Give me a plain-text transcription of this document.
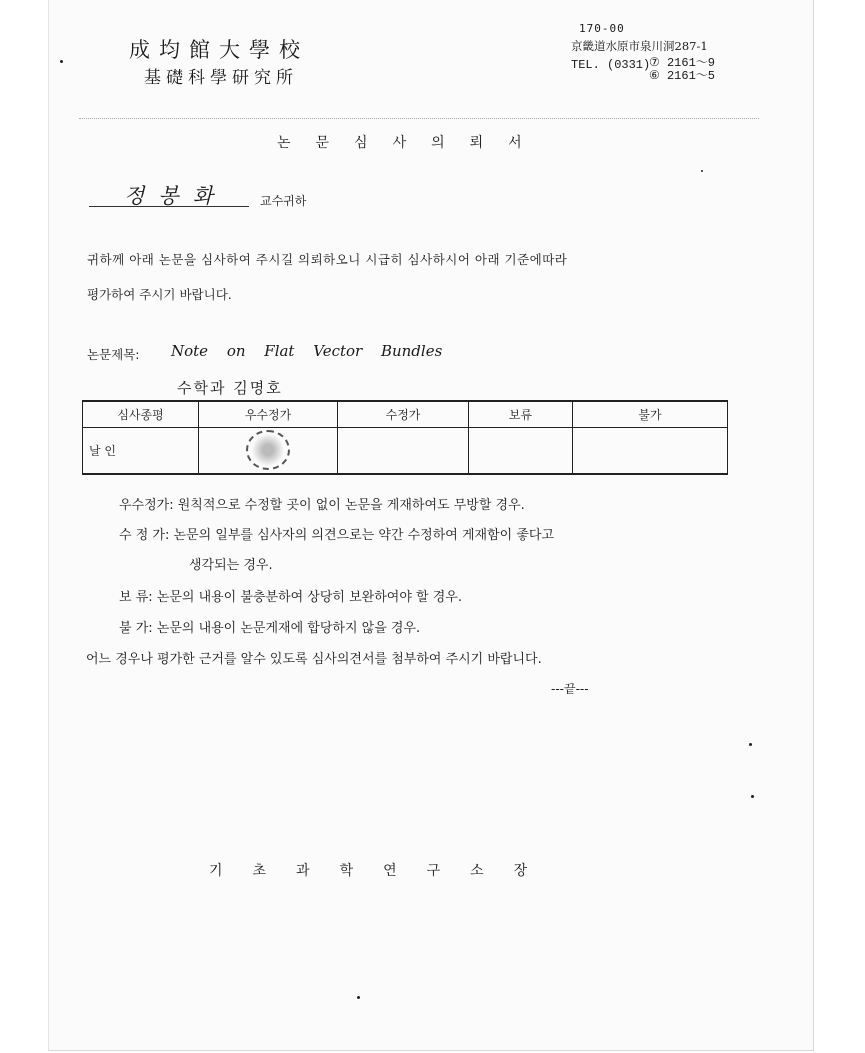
成均館大學校
基礎科學研究所
170-00
京畿道水原市泉川洞287-1
TEL. (0331)
⑦ 2161～9
⑥ 2161～5
논문심사의뢰서
정봉화	교수귀하
귀하께 아래 논문을 심사하여 주시길 의뢰하오니 시급히 심사하시어 아래 기준에따라
평가하여 주시기 바랍니다.
논문제목: Note on Flat Vector Bundles
수학과 김명호
심사종평	우수정가	수정가	보류	불가
날 인				
우수정가: 원칙적으로 수정할 곳이 없이 논문을 게재하여도 무방할 경우.
수 정 가: 논문의 일부를 심사자의 의견으로는 약간 수정하여 게재함이 좋다고
생각되는 경우.
보 류: 논문의 내용이 불충분하여 상당히 보완하여야 할 경우.
불 가: 논문의 내용이 논문게재에 합당하지 않을 경우.
어느 경우나 평가한 근거를 알수 있도록 심사의견서를 첨부하여 주시기 바랍니다.
---끝---
기초과학연구소장
